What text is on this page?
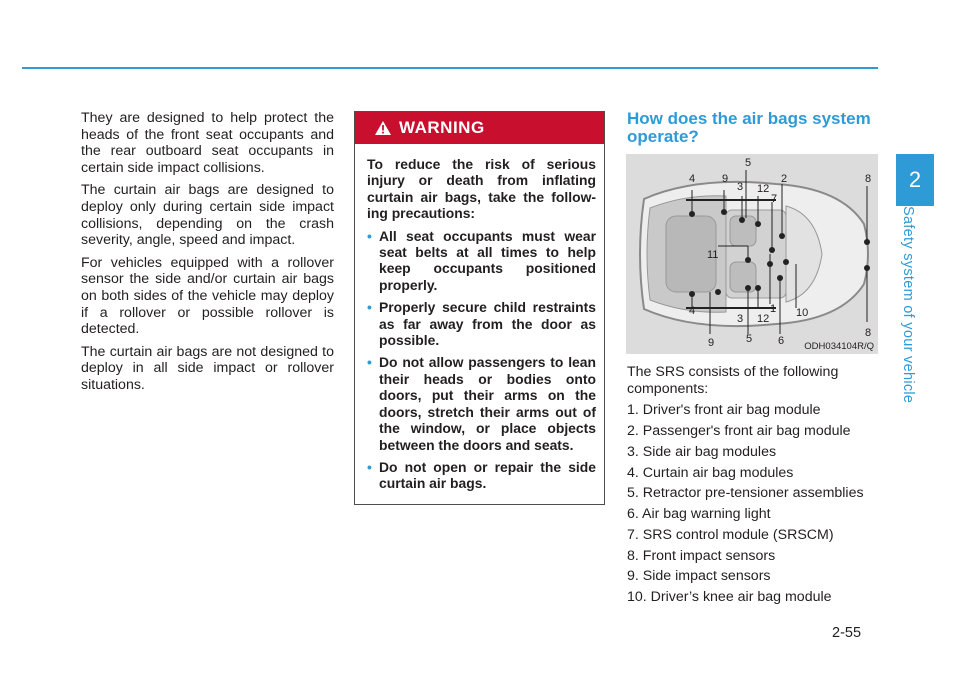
They are designed to help protect the heads of the front seat occupants and the rear outboard seat occupants in certain side impact collisions.

The curtain air bags are designed to deploy only during certain side impact collisions, depending on the crash severity, angle, speed and impact.

For vehicles equipped with a rollover sensor the side and/or curtain air bags on both sides of the vehicle may deploy if a rollover or possible rollover is detected.

The curtain air bags are not designed to deploy in all side impact or rollover situations.

WARNING

To reduce the risk of serious injury or death from inflating curtain air bags, take the follow-ing precautions:

• All seat occupants must wear seat belts at all times to help keep occupants positioned properly.
• Properly secure child restraints as far away from the door as possible.
• Do not allow passengers to lean their heads or bodies onto doors, put their arms on the doors, stretch their arms out of the window, or place objects between the doors and seats.
• Do not open or repair the side curtain air bags.
How does the air bags system operate?
4 9
5
3 12
2
7
8
11
1 10
4
3 12
9	5 6
8
ODH034104R/Q

The SRS consists of the following components:

1. Driver's front air bag module
2. Passenger's front air bag module
3. Side air bag modules
4. Curtain air bag modules
5. Retractor pre-tensioner assemblies
6. Air bag warning light
7. SRS control module (SRSCM)
8. Front impact sensors
9. Side impact sensors
10. Driver’s knee air bag module
2
Safety system of your vehicle
2-55
